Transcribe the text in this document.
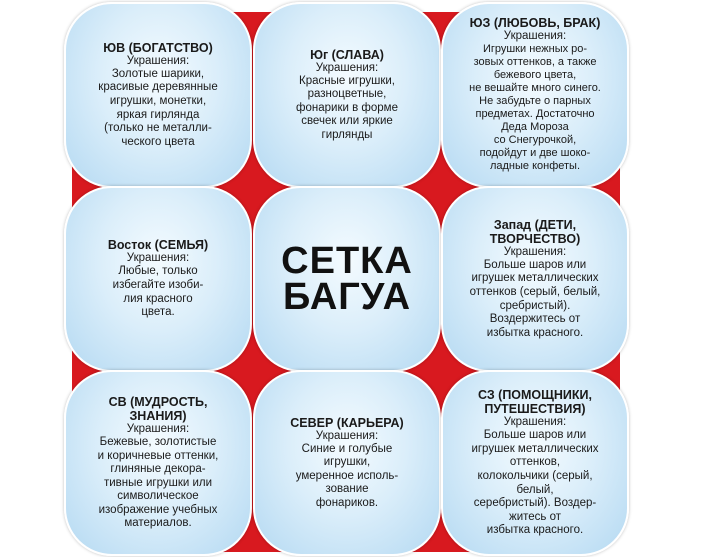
ЮВ (БОГАТСТВО)
Украшения:
Золотые шарики,
красивые деревянные
игрушки, монетки,
яркая гирлянда
(только не металли-
ческого цвета
Юг (СЛАВА)
Украшения:
Красные игрушки,
разноцветные,
фонарики в форме
свечек или яркие
гирлянды
ЮЗ (ЛЮБОВЬ, БРАК)
Украшения:
Игрушки нежных ро-
зовых оттенков, а также
бежевого цвета,
не вешайте много синего.
Не забудьте о парных
предметах. Достаточно
Деда Мороза
со Снегурочкой,
подойдут и две шоко-
ладные конфеты.
Восток (СЕМЬЯ)
Украшения:
Любые, только
избегайте изоби-
лия красного
цвета.
СЕТКА
БАГУА
Запад (ДЕТИ,
ТВОРЧЕСТВО)
Украшения:
Больше шаров или
игрушек металлических
оттенков (серый, белый,
сребристый).
Воздержитесь от
избытка красного.
СВ (МУДРОСТЬ,
ЗНАНИЯ)
Украшения:
Бежевые, золотистые
и коричневые оттенки,
глиняные декора-
тивные игрушки или
символическое
изображение учебных
материалов.
СЕВЕР (КАРЬЕРА)
Украшения:
Синие и голубые
игрушки,
умеренное исполь-
зование
фонариков.
СЗ (ПОМОЩНИКИ,
ПУТЕШЕСТВИЯ)
Украшения:
Больше шаров или
игрушек металлических
оттенков,
колокольчики (серый,
белый,
серебристый). Воздер-
житесь от
избытка красного.
